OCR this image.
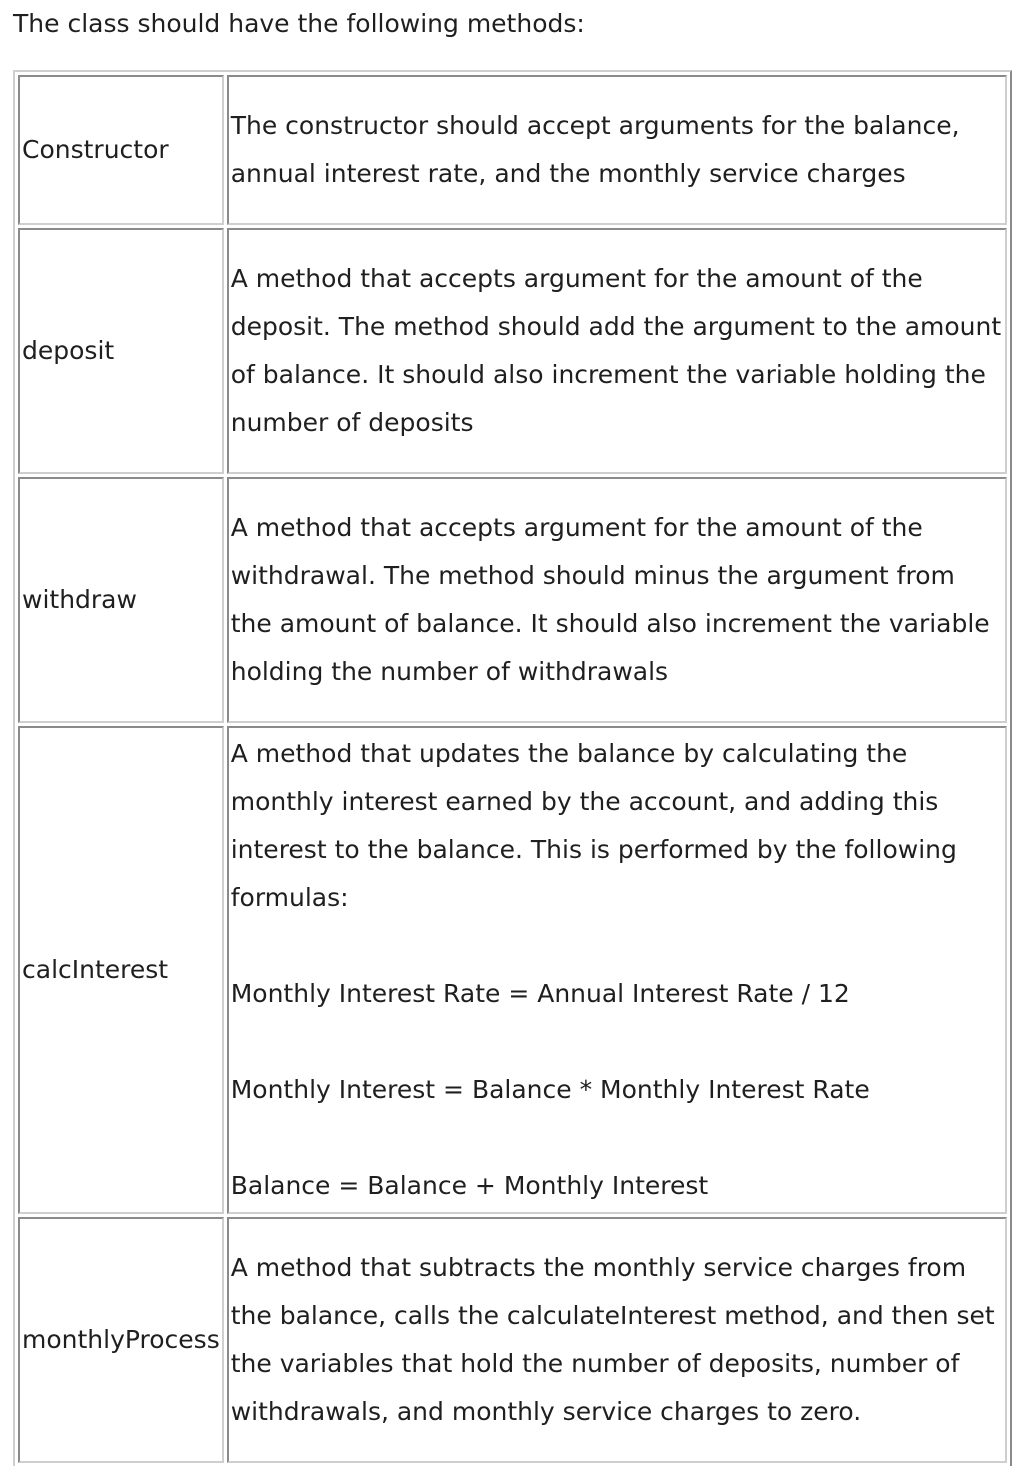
The class should have the following methods:

Constructor	The constructor should accept arguments for the balance, annual interest rate, and the monthly service charges

deposit	A method that accepts argument for the amount of the deposit. The method should add the argument to the amount of balance. It should also increment the variable holding the number of deposits

withdraw	A method that accepts argument for the amount of the withdrawal. The method should minus the argument from the amount of balance. It should also increment the variable holding the number of withdrawals

calcInterest	A method that updates the balance by calculating the monthly interest earned by the account, and adding this interest to the balance. This is performed by the following formulas:

Monthly Interest Rate = Annual Interest Rate / 12

Monthly Interest = Balance * Monthly Interest Rate

Balance = Balance + Monthly Interest

monthlyProcess	A method that subtracts the monthly service charges from the balance, calls the calculateInterest method, and then set the variables that hold the number of deposits, number of withdrawals, and monthly service charges to zero.
